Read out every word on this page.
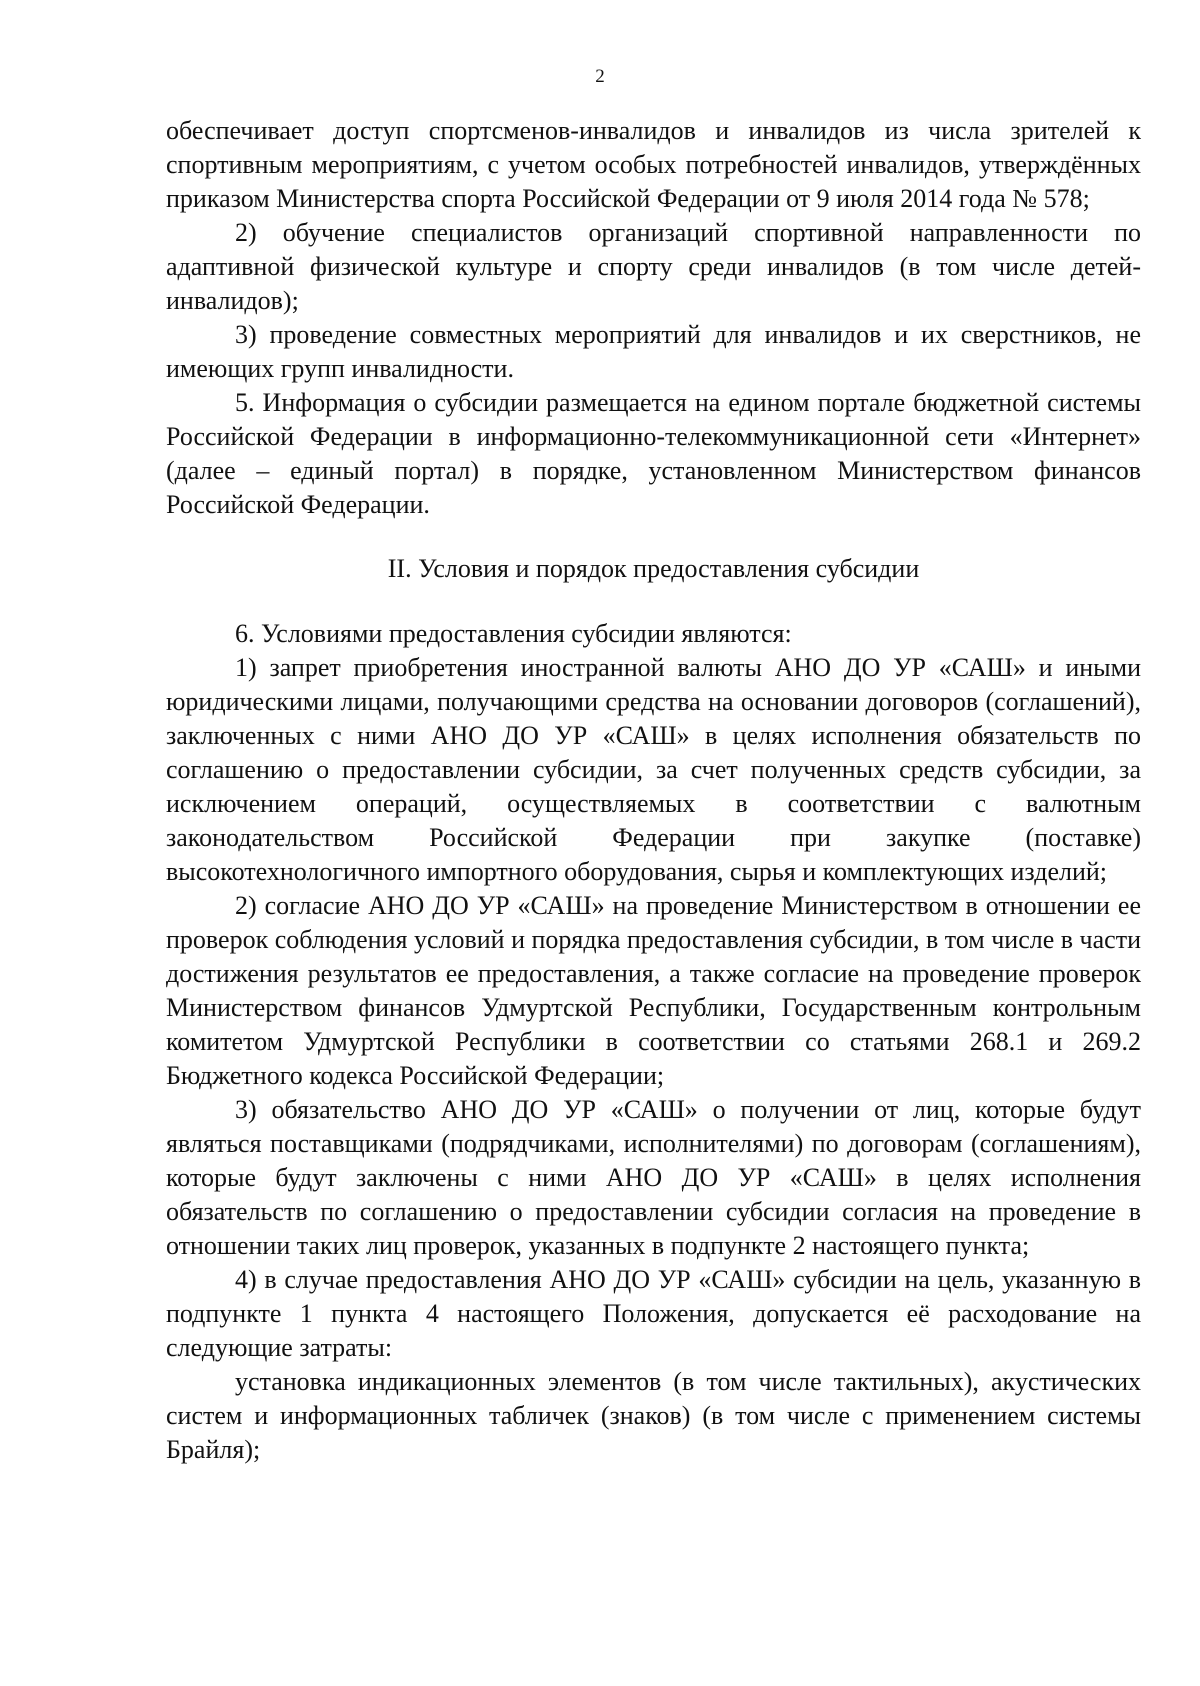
2

обеспечивает доступ спортсменов-инвалидов и инвалидов из числа зрителей к спортивным мероприятиям, с учетом особых потребностей инвалидов, утверждённых приказом Министерства спорта Российской Федерации от 9 июля 2014 года № 578;

2) обучение специалистов организаций спортивной направленности по адаптивной физической культуре и спорту среди инвалидов (в том числе детей-инвалидов);

3) проведение совместных мероприятий для инвалидов и их сверстников, не имеющих групп инвалидности.

5. Информация о субсидии размещается на едином портале бюджетной системы Российской Федерации в информационно-телекоммуникационной сети «Интернет» (далее – единый портал) в порядке, установленном Министерством финансов Российской Федерации.

II. Условия и порядок предоставления субсидии

6. Условиями предоставления субсидии являются:

1) запрет приобретения иностранной валюты АНО ДО УР «САШ» и иными юридическими лицами, получающими средства на основании договоров (соглашений), заключенных с ними АНО ДО УР «САШ» в целях исполнения обязательств по соглашению о предоставлении субсидии, за счет полученных средств субсидии, за исключением операций, осуществляемых в соответствии с валютным законодательством Российской Федерации при закупке (поставке) высокотехнологичного импортного оборудования, сырья и комплектующих изделий;

2) согласие АНО ДО УР «САШ» на проведение Министерством в отношении ее проверок соблюдения условий и порядка предоставления субсидии, в том числе в части достижения результатов ее предоставления, а также согласие на проведение проверок Министерством финансов Удмуртской Республики, Государственным контрольным комитетом Удмуртской Республики в соответствии со статьями 268.1 и 269.2 Бюджетного кодекса Российской Федерации;

3) обязательство АНО ДО УР «САШ» о получении от лиц, которые будут являться поставщиками (подрядчиками, исполнителями) по договорам (соглашениям), которые будут заключены с ними АНО ДО УР «САШ» в целях исполнения обязательств по соглашению о предоставлении субсидии согласия на проведение в отношении таких лиц проверок, указанных в подпункте 2 настоящего пункта;

4) в случае предоставления АНО ДО УР «САШ» субсидии на цель, указанную в подпункте 1 пункта 4 настоящего Положения, допускается её расходование на следующие затраты:

установка индикационных элементов (в том числе тактильных), акустических систем и информационных табличек (знаков) (в том числе с применением системы Брайля);
